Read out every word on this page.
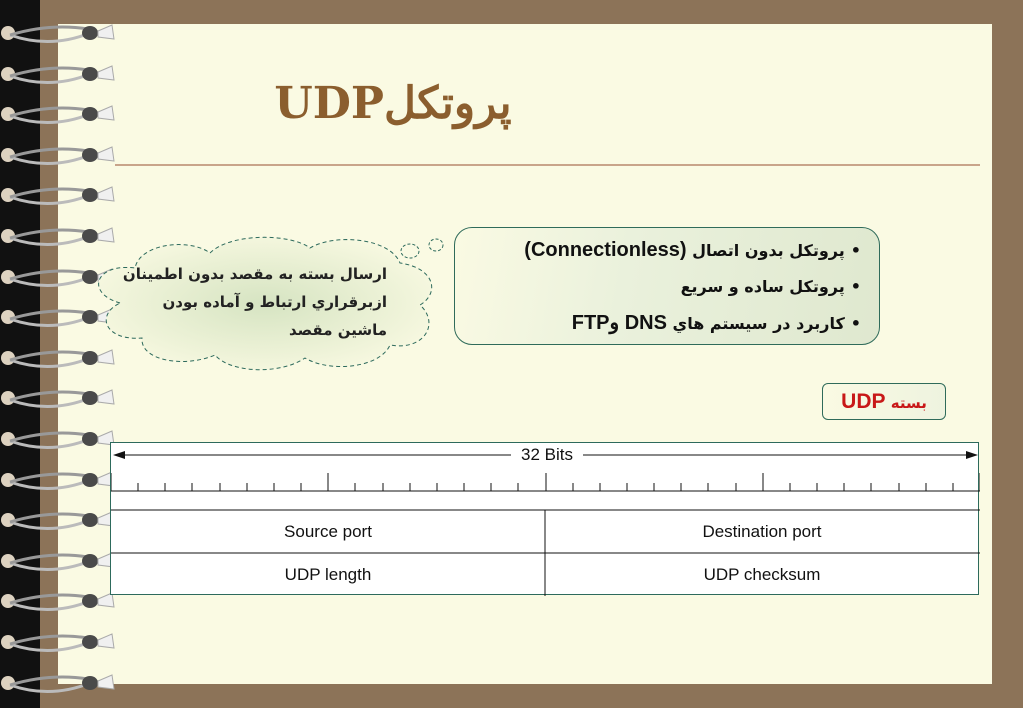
پروتکلUDP
ارسال بسته به مقصد بدون اطمينان ازبرقراري ارتباط و آماده بودن ماشين مقصد
•پروتکل بدون اتصال (Connectionless)
•پروتکل ساده و سريع
•کاربرد در سيستم هاي DNS وFTP
بسته UDP
32 Bits
Source port	Destination port
UDP length	UDP checksum
